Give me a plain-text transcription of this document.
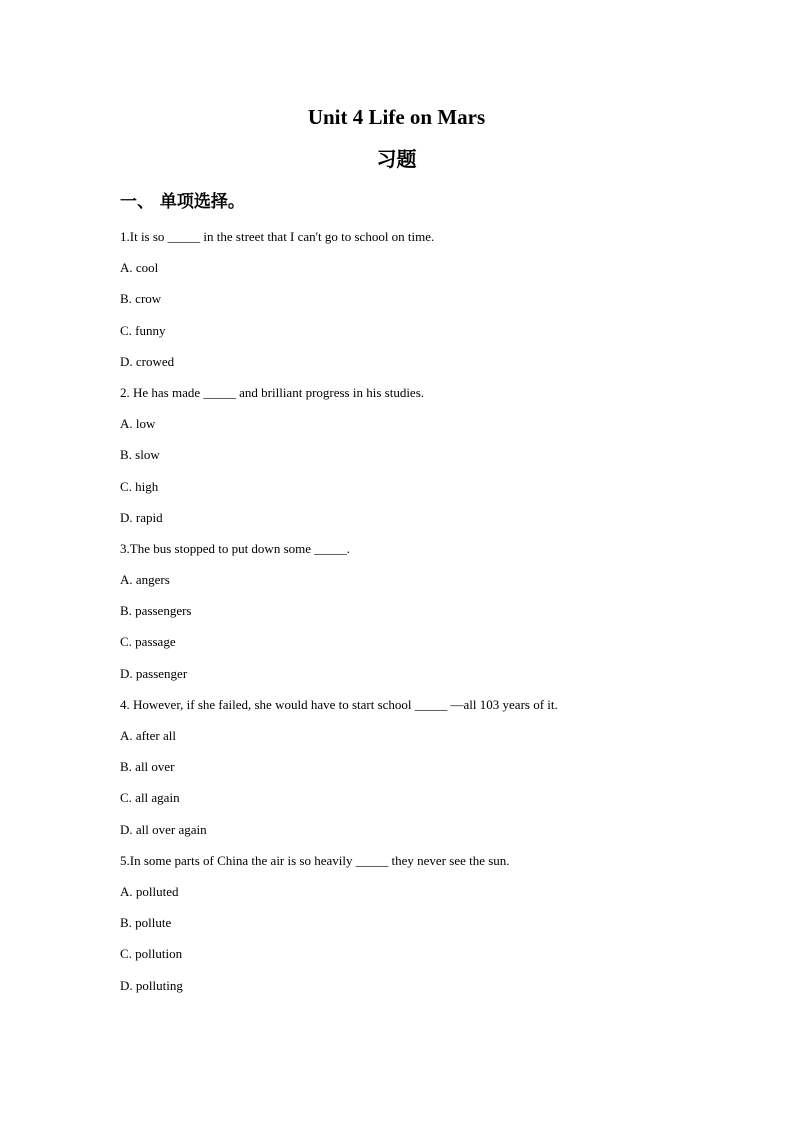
Unit 4 Life on Mars
习题
一、 单项选择。
1.It is so _____ in the street that I can't go to school on time.
A. cool
B. crow
C. funny
D. crowed
2. He has made _____ and brilliant progress in his studies.
A. low
B. slow
C. high
D. rapid
3.The bus stopped to put down some _____.
A. angers
B. passengers
C. passage
D. passenger
4. However, if she failed, she would have to start school _____ —all 103 years of it.
A. after all
B. all over
C. all again
D. all over again
5.In some parts of China the air is so heavily _____ they never see the sun.
A. polluted
B. pollute
C. pollution
D. polluting
